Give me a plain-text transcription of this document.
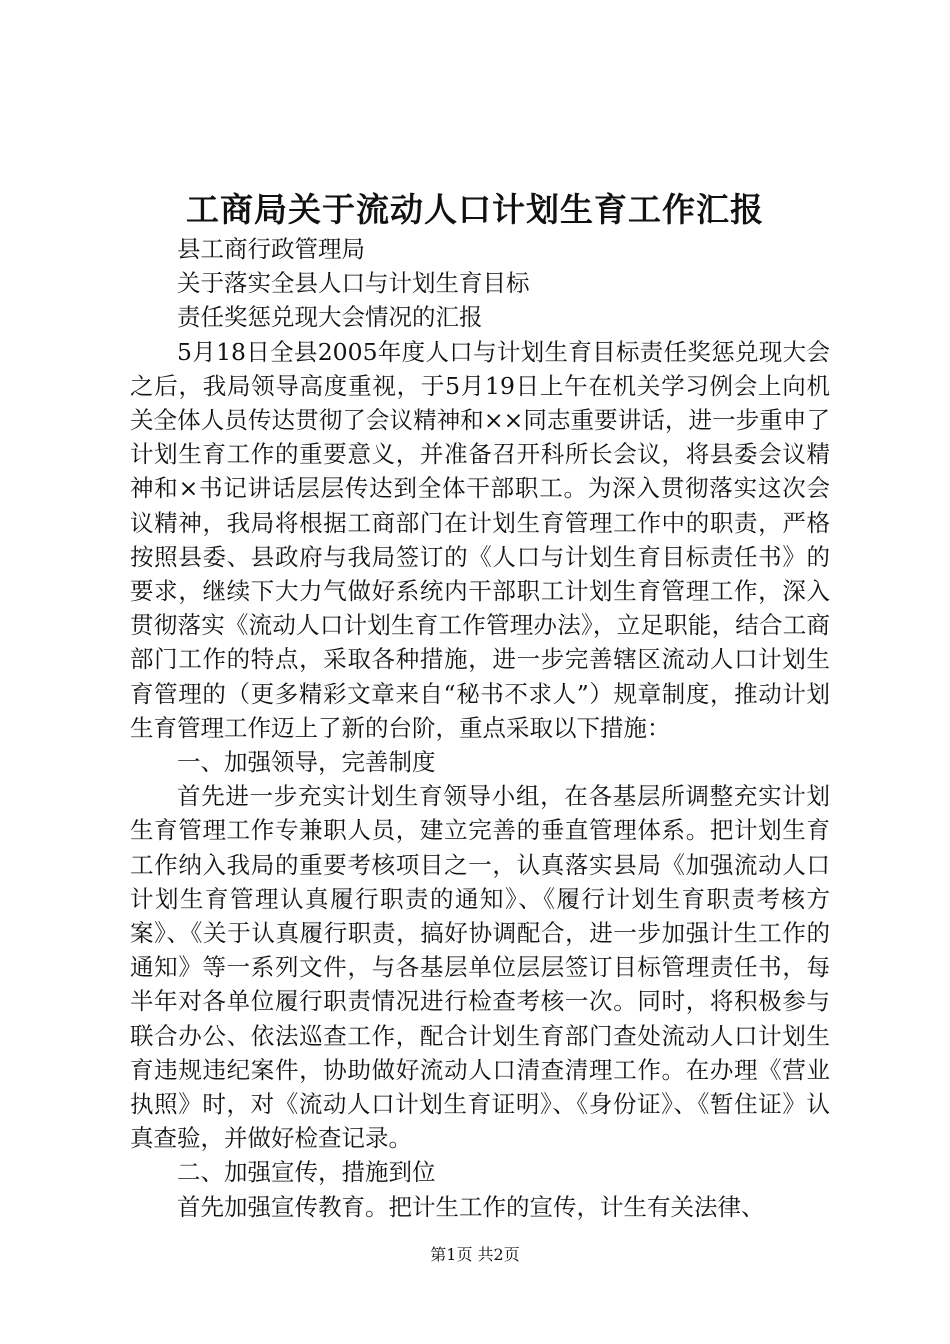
工商局关于流动人口计划生育工作汇报

县工商行政管理局

关于落实全县人口与计划生育目标

责任奖惩兑现大会情况的汇报

5月18日全县2005年度人口与计划生育目标责任奖惩兑现大会之后，我局领导高度重视，于5月19日上午在机关学习例会上向机关全体人员传达贯彻了会议精神和××同志重要讲话，进一步重申了计划生育工作的重要意义，并准备召开科所长会议，将县委会议精神和×书记讲话层层传达到全体干部职工。为深入贯彻落实这次会议精神，我局将根据工商部门在计划生育管理工作中的职责，严格按照县委、县政府与我局签订的《人口与计划生育目标责任书》的要求，继续下大力气做好系统内干部职工计划生育管理工作，深入贯彻落实《流动人口计划生育工作管理办法》，立足职能，结合工商部门工作的特点，采取各种措施，进一步完善辖区流动人口计划生育管理的（更多精彩文章来自“秘书不求人”）规章制度，推动计划生育管理工作迈上了新的台阶，重点采取以下措施：

一、加强领导，完善制度

首先进一步充实计划生育领导小组，在各基层所调整充实计划生育管理工作专兼职人员，建立完善的垂直管理体系。把计划生育工作纳入我局的重要考核项目之一，认真落实县局《加强流动人口计划生育管理认真履行职责的通知》、《履行计划生育职责考核方案》、《关于认真履行职责，搞好协调配合，进一步加强计生工作的通知》等一系列文件，与各基层单位层层签订目标管理责任书，每半年对各单位履行职责情况进行检查考核一次。同时，将积极参与联合办公、依法巡查工作，配合计划生育部门查处流动人口计划生育违规违纪案件，协助做好流动人口清查清理工作。在办理《营业执照》时，对《流动人口计划生育证明》、《身份证》、《暂住证》认真查验，并做好检查记录。

二、加强宣传，措施到位

首先加强宣传教育。把计生工作的宣传，计生有关法律、

第1页 共2页
